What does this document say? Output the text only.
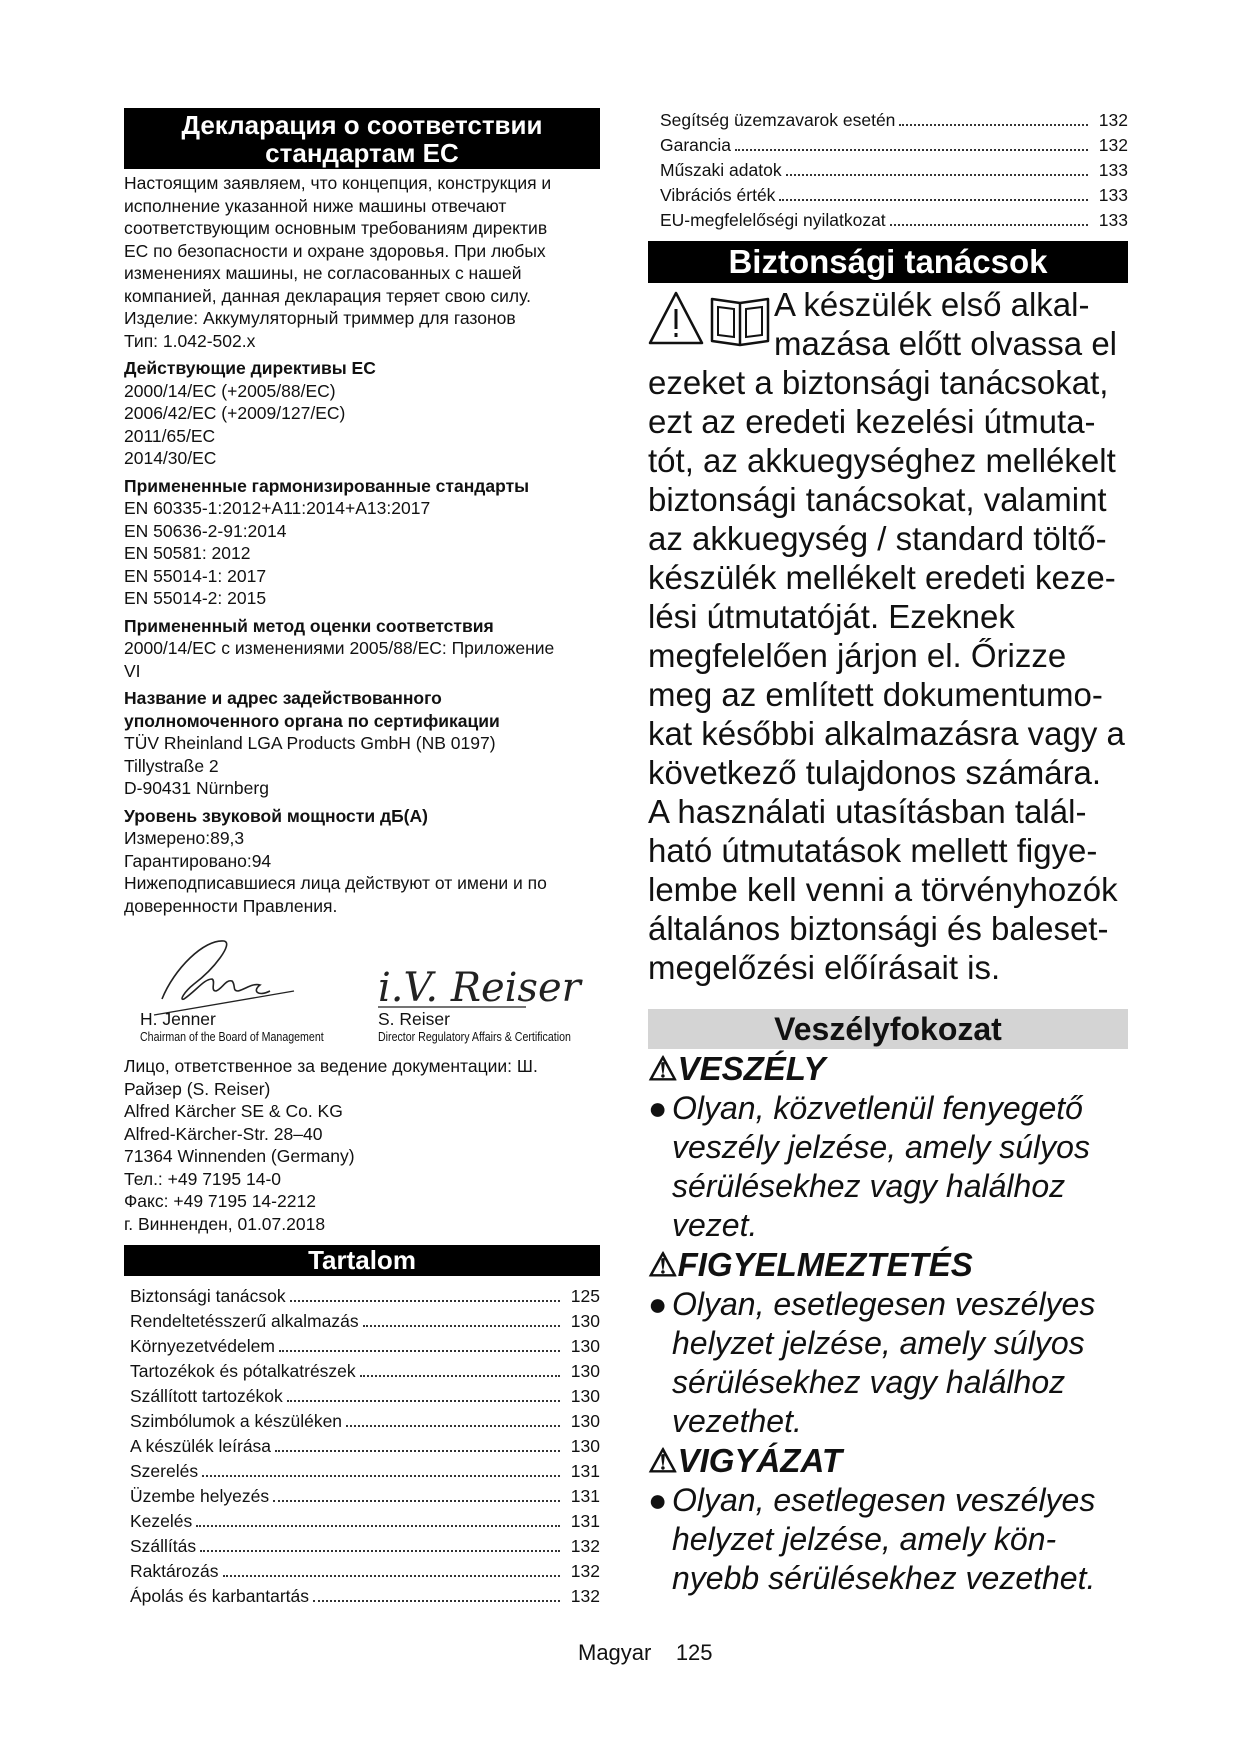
Декларация о соответствии
стандартам ЕС
Настоящим заявляем, что концепция, конструкция и
исполнение указанной ниже машины отвечают
соответствующим основным требованиям директив
ЕС по безопасности и охране здоровья. При любых
изменениях машины, не согласованных с нашей
компанией, данная декларация теряет свою силу.
Изделие: Аккумуляторный триммер для газонов
Тип: 1.042-502.x
Действующие директивы ЕС
2000/14/ЕС (+2005/88/EC)
2006/42/ЕС (+2009/127/EC)
2011/65/EC
2014/30/EC
Примененные гармонизированные стандарты
EN 60335-1:2012+A11:2014+A13:2017
EN 50636-2-91:2014
EN 50581: 2012
EN 55014-1: 2017
EN 55014-2: 2015
Примененный метод оценки соответствия
2000/14/ЕС с изменениями 2005/88/EC: Приложение
VI
Название и адрес задействованного
уполномоченного органа по сертификации
TÜV Rheinland LGA Products GmbH (NB 0197)
Tillystraße 2
D-90431 Nürnberg
Уровень звуковой мощности дБ(А)
Измерено:89,3
Гарантировано:94
Нижеподписавшиеся лица действуют от имени и по
доверенности Правления.
i.V. Reiser
H. Jenner
Chairman of the Board of Management
S. Reiser
Director Regulatory Affairs & Certification
Лицо, ответственное за ведение документации: Ш.
Райзер (S. Reiser)
Alfred Kärcher SE & Co. KG
Alfred-Kärcher-Str. 28–40
71364 Winnenden (Germany)
Тел.: +49 7195 14-0
Факс: +49 7195 14-2212
г. Винненден, 01.07.2018
Tartalom
Biztonsági tanácsok	125
Rendeltetésszerű alkalmazás	130
Környezetvédelem	130
Tartozékok és pótalkatrészek	130
Szállított tartozékok	130
Szimbólumok a készüléken	130
A készülék leírása	130
Szerelés	131
Üzembe helyezés	131
Kezelés	131
Szállítás	132
Raktározás	132
Ápolás és karbantartás	132
Segítség üzemzavarok esetén	132
Garancia	132
Műszaki adatok	133
Vibrációs érték	133
EU-megfelelőségi nyilatkozat	133
Biztonsági tanácsok
A készülék első alkal-
mazása előtt olvassa el
ezeket a biztonsági tanácsokat,
ezt az eredeti kezelési útmuta-
tót, az akkuegységhez mellékelt
biztonsági tanácsokat, valamint
az akkuegység / standard töltő-
készülék mellékelt eredeti keze-
lési útmutatóját. Ezeknek
megfelelően járjon el. Őrizze
meg az említett dokumentumo-
kat későbbi alkalmazásra vagy a
következő tulajdonos számára.
A használati utasításban talál-
ható útmutatások mellett figye-
lembe kell venni a törvényhozók
általános biztonsági és baleset-
megelőzési előírásait is.
Veszélyfokozat
⚠VESZÉLY
● Olyan, közvetlenül fenyegető
veszély jelzése, amely súlyos
sérülésekhez vagy halálhoz
vezet.
⚠FIGYELMEZTETÉS
● Olyan, esetlegesen veszélyes
helyzet jelzése, amely súlyos
sérülésekhez vagy halálhoz
vezethet.
⚠VIGYÁZAT
● Olyan, esetlegesen veszélyes
helyzet jelzése, amely kön-
nyebb sérülésekhez vezethet.
Magyar 125
